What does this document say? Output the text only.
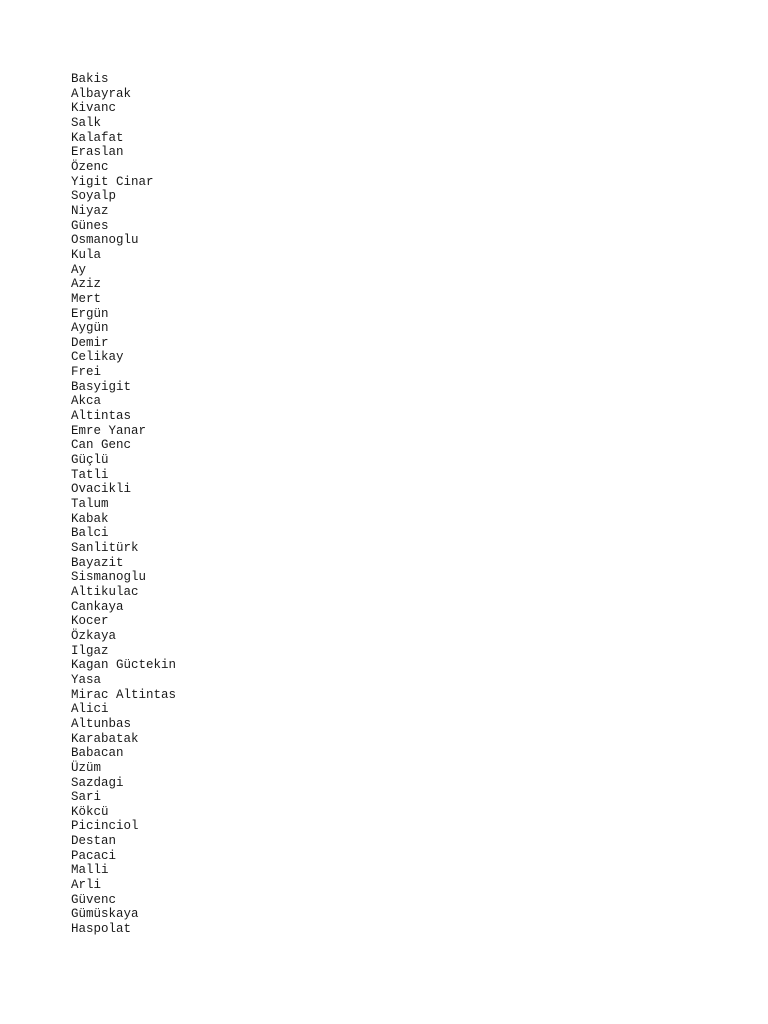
Bakis
Albayrak
Kivanc
Salk
Kalafat
Eraslan
Özenc
Yigit Cinar
Soyalp
Niyaz
Günes
Osmanoglu
Kula
Ay
Aziz
Mert
Ergün
Aygün
Demir
Celikay
Frei
Basyigit
Akca
Altintas
Emre Yanar
Can Genc
Güçlü
Tatli
Ovacikli
Talum
Kabak
Balci
Sanlitürk
Bayazit
Sismanoglu
Altikulac
Cankaya
Kocer
Özkaya
Ilgaz
Kagan Güctekin
Yasa
Mirac Altintas
Alici
Altunbas
Karabatak
Babacan
Üzüm
Sazdagi
Sari
Kökcü
Picinciol
Destan
Pacaci
Malli
Arli
Güvenc
Gümüskaya
Haspolat
